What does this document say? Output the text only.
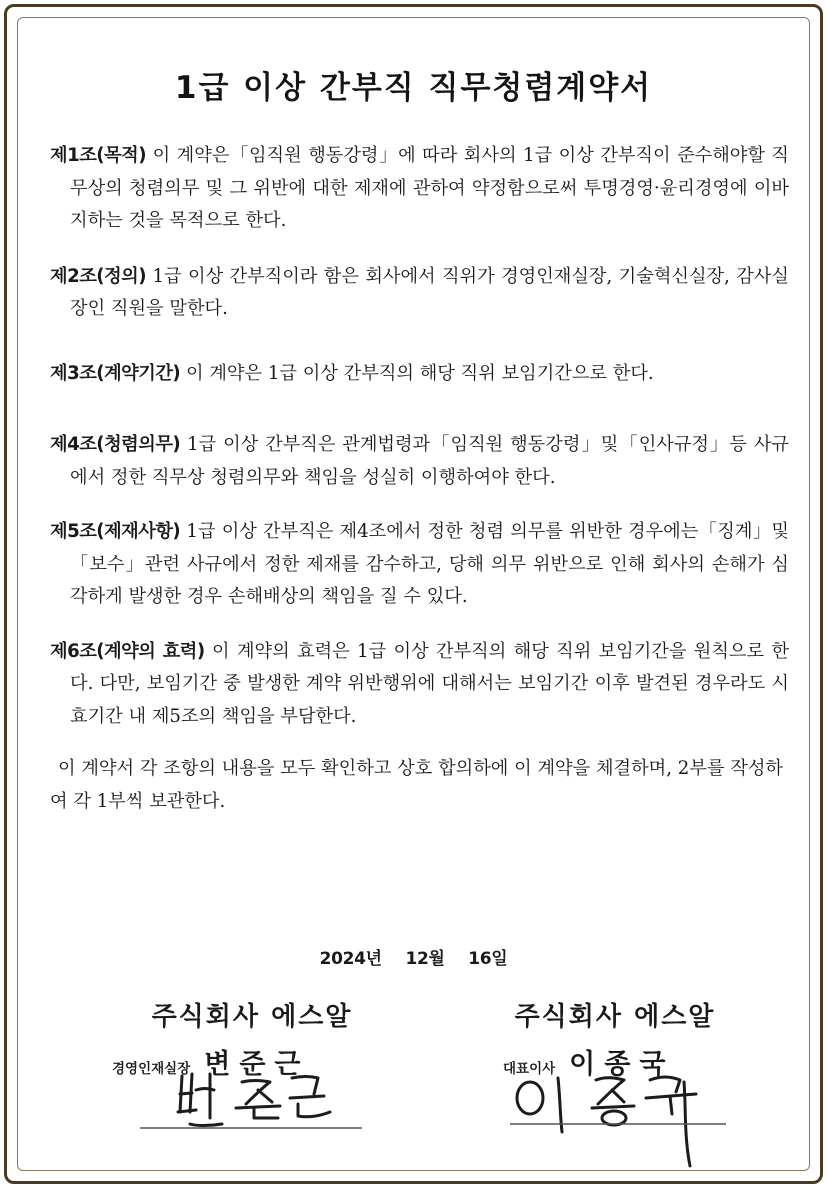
1급 이상 간부직 직무청렴계약서
제1조(목적) 이 계약은「임직원 행동강령」에 따라 회사의 1급 이상 간부직이 준수해야할 직무상의 청렴의무 및 그 위반에 대한 제재에 관하여 약정함으로써 투명경영·윤리경영에 이바지하는 것을 목적으로 한다.
제2조(정의) 1급 이상 간부직이라 함은 회사에서 직위가 경영인재실장, 기술혁신실장, 감사실장인 직원을 말한다.
제3조(계약기간) 이 계약은 1급 이상 간부직의 해당 직위 보임기간으로 한다.
제4조(청렴의무) 1급 이상 간부직은 관계법령과「임직원 행동강령」및「인사규정」등 사규에서 정한 직무상 청렴의무와 책임을 성실히 이행하여야 한다.
제5조(제재사항) 1급 이상 간부직은 제4조에서 정한 청렴 의무를 위반한 경우에는「징계」및「보수」관련 사규에서 정한 제재를 감수하고, 당해 의무 위반으로 인해 회사의 손해가 심각하게 발생한 경우 손해배상의 책임을 질 수 있다.
제6조(계약의 효력) 이 계약의 효력은 1급 이상 간부직의 해당 직위 보임기간을 원칙으로 한다. 다만, 보임기간 중 발생한 계약 위반행위에 대해서는 보임기간 이후 발견된 경우라도 시효기간 내 제5조의 책임을 부담한다.
이 계약서 각 조항의 내용을 모두 확인하고 상호 합의하에 이 계약을 체결하며, 2부를 작성하여 각 1부씩 보관한다.
2024년 12월 16일
주식회사 에스알	주식회사 에스알
경영인재실장 변준근	대표이사 이종국
